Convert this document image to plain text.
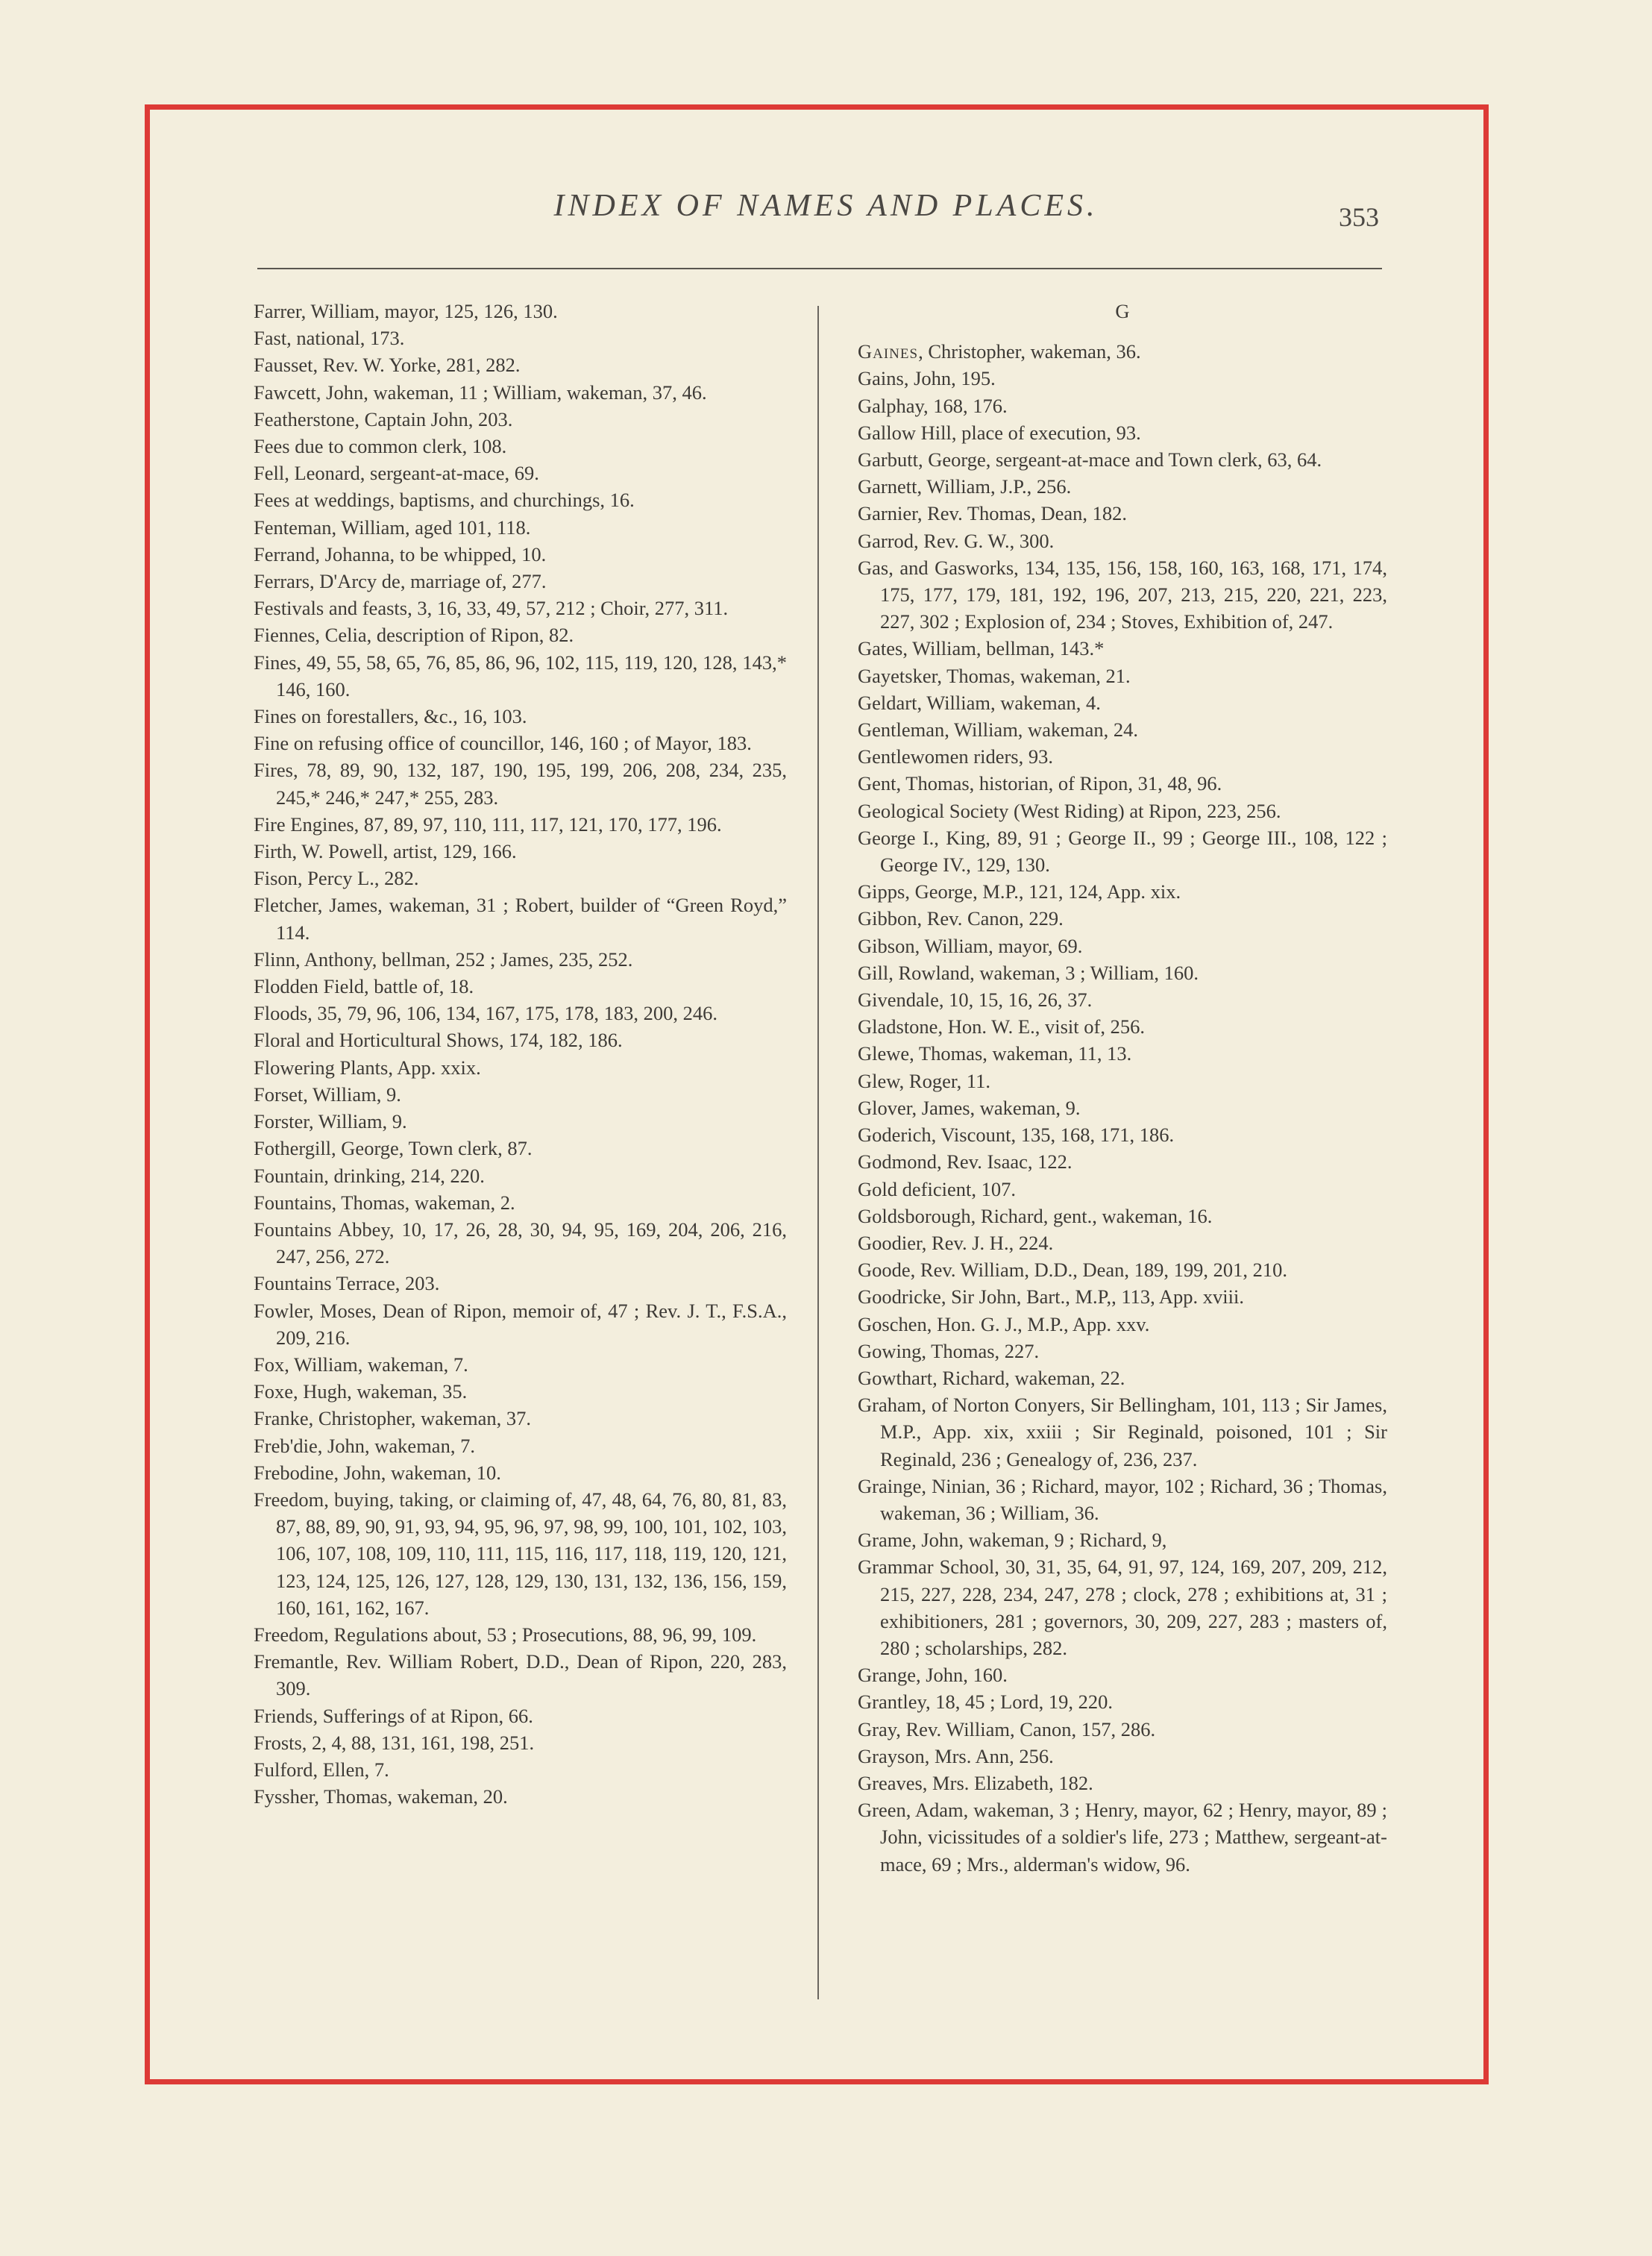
INDEX OF NAMES AND PLACES.	353
Farrer, William, mayor, 125, 126, 130.
Fast, national, 173.
Fausset, Rev. W. Yorke, 281, 282.
Fawcett, John, wakeman, 11 ; William, wakeman, 37, 46.
Featherstone, Captain John, 203.
Fees due to common clerk, 108.
Fell, Leonard, sergeant-at-mace, 69.
Fees at weddings, baptisms, and churchings, 16.
Fenteman, William, aged 101, 118.
Ferrand, Johanna, to be whipped, 10.
Ferrars, D'Arcy de, marriage of, 277.
Festivals and feasts, 3, 16, 33, 49, 57, 212 ; Choir, 277, 311.
Fiennes, Celia, description of Ripon, 82.
Fines, 49, 55, 58, 65, 76, 85, 86, 96, 102, 115, 119, 120, 128, 143,* 146, 160.
Fines on forestallers, &c., 16, 103.
Fine on refusing office of councillor, 146, 160 ; of Mayor, 183.
Fires, 78, 89, 90, 132, 187, 190, 195, 199, 206, 208, 234, 235, 245,* 246,* 247,* 255, 283.
Fire Engines, 87, 89, 97, 110, 111, 117, 121, 170, 177, 196.
Firth, W. Powell, artist, 129, 166.
Fison, Percy L., 282.
Fletcher, James, wakeman, 31 ; Robert, builder of “Green Royd,” 114.
Flinn, Anthony, bellman, 252 ; James, 235, 252.
Flodden Field, battle of, 18.
Floods, 35, 79, 96, 106, 134, 167, 175, 178, 183, 200, 246.
Floral and Horticultural Shows, 174, 182, 186.
Flowering Plants, App. xxix.
Forset, William, 9.
Forster, William, 9.
Fothergill, George, Town clerk, 87.
Fountain, drinking, 214, 220.
Fountains, Thomas, wakeman, 2.
Fountains Abbey, 10, 17, 26, 28, 30, 94, 95, 169, 204, 206, 216, 247, 256, 272.
Fountains Terrace, 203.
Fowler, Moses, Dean of Ripon, memoir of, 47 ; Rev. J. T., F.S.A., 209, 216.
Fox, William, wakeman, 7.
Foxe, Hugh, wakeman, 35.
Franke, Christopher, wakeman, 37.
Freb'die, John, wakeman, 7.
Frebodine, John, wakeman, 10.
Freedom, buying, taking, or claiming of, 47, 48, 64, 76, 80, 81, 83, 87, 88, 89, 90, 91, 93, 94, 95, 96, 97, 98, 99, 100, 101, 102, 103, 106, 107, 108, 109, 110, 111, 115, 116, 117, 118, 119, 120, 121, 123, 124, 125, 126, 127, 128, 129, 130, 131, 132, 136, 156, 159, 160, 161, 162, 167.
Freedom, Regulations about, 53 ; Prosecutions, 88, 96, 99, 109.
Fremantle, Rev. William Robert, D.D., Dean of Ripon, 220, 283, 309.
Friends, Sufferings of at Ripon, 66.
Frosts, 2, 4, 88, 131, 161, 198, 251.
Fulford, Ellen, 7.
Fyssher, Thomas, wakeman, 20.
G
Gaines, Christopher, wakeman, 36.
Gains, John, 195.
Galphay, 168, 176.
Gallow Hill, place of execution, 93.
Garbutt, George, sergeant-at-mace and Town clerk, 63, 64.
Garnett, William, J.P., 256.
Garnier, Rev. Thomas, Dean, 182.
Garrod, Rev. G. W., 300.
Gas, and Gasworks, 134, 135, 156, 158, 160, 163, 168, 171, 174, 175, 177, 179, 181, 192, 196, 207, 213, 215, 220, 221, 223, 227, 302 ; Explosion of, 234 ; Stoves, Exhibition of, 247.
Gates, William, bellman, 143.*
Gayetsker, Thomas, wakeman, 21.
Geldart, William, wakeman, 4.
Gentleman, William, wakeman, 24.
Gentlewomen riders, 93.
Gent, Thomas, historian, of Ripon, 31, 48, 96.
Geological Society (West Riding) at Ripon, 223, 256.
George I., King, 89, 91 ; George II., 99 ; George III., 108, 122 ; George IV., 129, 130.
Gipps, George, M.P., 121, 124, App. xix.
Gibbon, Rev. Canon, 229.
Gibson, William, mayor, 69.
Gill, Rowland, wakeman, 3 ; William, 160.
Givendale, 10, 15, 16, 26, 37.
Gladstone, Hon. W. E., visit of, 256.
Glewe, Thomas, wakeman, 11, 13.
Glew, Roger, 11.
Glover, James, wakeman, 9.
Goderich, Viscount, 135, 168, 171, 186.
Godmond, Rev. Isaac, 122.
Gold deficient, 107.
Goldsborough, Richard, gent., wakeman, 16.
Goodier, Rev. J. H., 224.
Goode, Rev. William, D.D., Dean, 189, 199, 201, 210.
Goodricke, Sir John, Bart., M.P,, 113, App. xviii.
Goschen, Hon. G. J., M.P., App. xxv.
Gowing, Thomas, 227.
Gowthart, Richard, wakeman, 22.
Graham, of Norton Conyers, Sir Bellingham, 101, 113 ; Sir James, M.P., App. xix, xxiii ; Sir Reginald, poisoned, 101 ; Sir Reginald, 236 ; Genealogy of, 236, 237.
Grainge, Ninian, 36 ; Richard, mayor, 102 ; Richard, 36 ; Thomas, wakeman, 36 ; William, 36.
Grame, John, wakeman, 9 ; Richard, 9,
Grammar School, 30, 31, 35, 64, 91, 97, 124, 169, 207, 209, 212, 215, 227, 228, 234, 247, 278 ; clock, 278 ; exhibitions at, 31 ; exhibitioners, 281 ; governors, 30, 209, 227, 283 ; masters of, 280 ; scholarships, 282.
Grange, John, 160.
Grantley, 18, 45 ; Lord, 19, 220.
Gray, Rev. William, Canon, 157, 286.
Grayson, Mrs. Ann, 256.
Greaves, Mrs. Elizabeth, 182.
Green, Adam, wakeman, 3 ; Henry, mayor, 62 ; Henry, mayor, 89 ; John, vicissitudes of a soldier's life, 273 ; Matthew, sergeant-at-mace, 69 ; Mrs., alderman's widow, 96.
